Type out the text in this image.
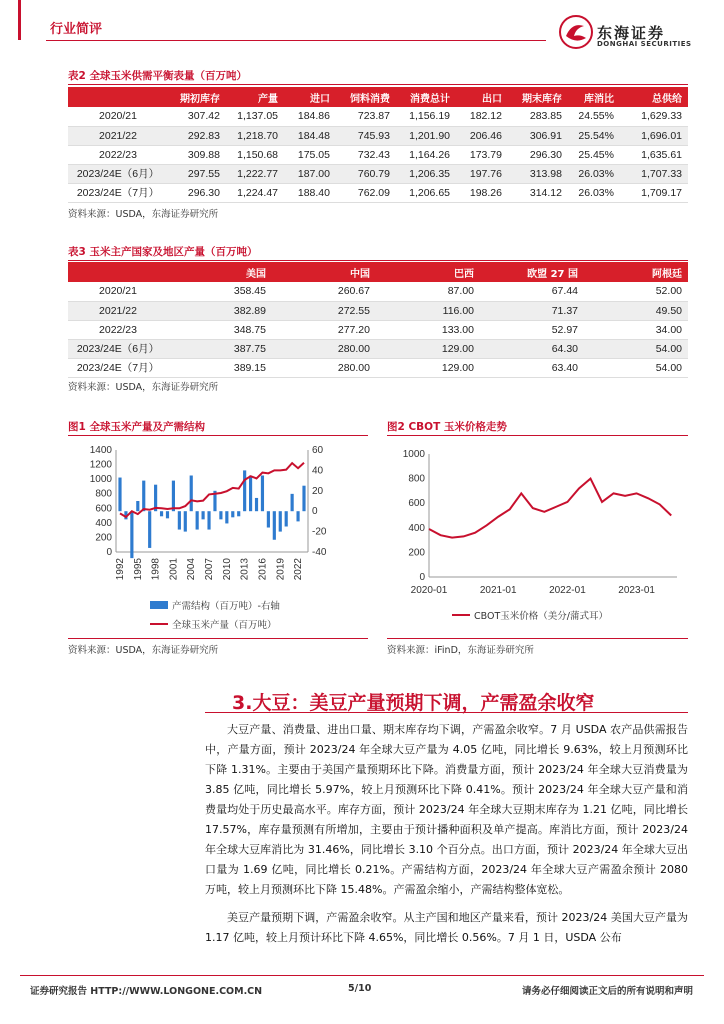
行业简评	东海证券
DONGHAI SECURITIES
表2 全球玉米供需平衡表量（百万吨）
	期初库存	产量	进口	饲料消费	消费总计	出口	期末库存	库消比	总供给
2020/21	307.42	1,137.05	184.86	723.87	1,156.19	182.12	283.85	24.55%	1,629.33
2021/22	292.83	1,218.70	184.48	745.93	1,201.90	206.46	306.91	25.54%	1,696.01
2022/23	309.88	1,150.68	175.05	732.43	1,164.26	173.79	296.30	25.45%	1,635.61
2023/24E（6月）	297.55	1,222.77	187.00	760.79	1,206.35	197.76	313.98	26.03%	1,707.33
2023/24E（7月）	296.30	1,224.47	188.40	762.09	1,206.65	198.26	314.12	26.03%	1,709.17
资料来源：USDA，东海证券研究所
表3 玉米主产国家及地区产量（百万吨）
	美国	中国	巴西	欧盟 27 国	阿根廷
2020/21	358.45	260.67	87.00	67.44	52.00
2021/22	382.89	272.55	116.00	71.37	49.50
2022/23	348.75	277.20	133.00	52.97	34.00
2023/24E（6月）	387.75	280.00	129.00	64.30	54.00
2023/24E（7月）	389.15	280.00	129.00	63.40	54.00
资料来源：USDA，东海证券研究所
图1 全球玉米产量及产需结构
0
200
400
600
800
1000
1200
1400
-40
-20
0
20
40
60
1992 1995 1998 2001 2004 2007 2010 2013 2016 2019 2022
产需结构（百万吨）-右轴
全球玉米产量（百万吨）
资料来源：USDA，东海证券研究所
图2 CBOT 玉米价格走势
0
200
400
600
800
1000
2020-01	2021-01	2022-01	2023-01
CBOT玉米价格（美分/蒲式耳）
资料来源：iFinD，东海证券研究所
3.大豆：美豆产量预期下调，产需盈余收窄

大豆产量、消费量、进出口量、期末库存均下调，产需盈余收窄。7 月 USDA 农产品供需报告中，产量方面，预计 2023/24 年全球大豆产量为 4.05 亿吨，同比增长 9.63%，较上月预测环比下降 1.31%。主要由于美国产量预期环比下降。消费量方面，预计 2023/24 年全球大豆消费量为 3.85 亿吨，同比增长 5.97%，较上月预测环比下降 0.41%。预计 2023/24 年全球大豆产量和消费量均处于历史最高水平。库存方面，预计 2023/24 年全球大豆期末库存为 1.21 亿吨，同比增长 17.57%，库存量预测有所增加，主要由于预计播种面积及单产提高。库消比方面，预计 2023/24 年全球大豆库消比为 31.46%，同比增长 3.10 个百分点。出口方面，预计 2023/24 年全球大豆出口量为 1.69 亿吨，同比增长 0.21%。产需结构方面，2023/24 年全球大豆产需盈余预计 2080 万吨，较上月预测环比下降 15.48%。产需盈余缩小，产需结构整体宽松。

美豆产量预期下调，产需盈余收窄。从主产国和地区产量来看，预计 2023/24 美国大豆产量为 1.17 亿吨，较上月预计环比下降 4.65%，同比增长 0.56%。7 月 1 日，USDA 公布

证券研究报告 HTTP://WWW.LONGONE.COM.CN	5/10	请务必仔细阅读正文后的所有说明和声明
